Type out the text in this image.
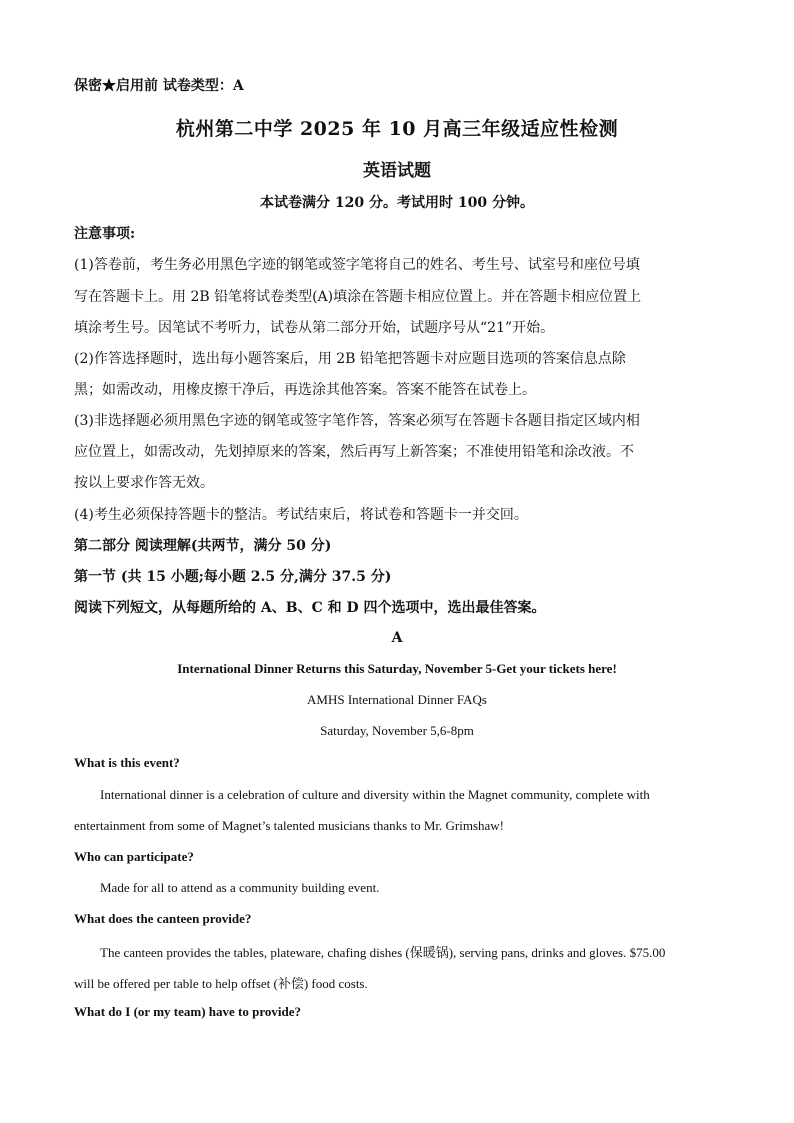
保密★启用前 试卷类型：A
杭州第二中学 2025 年 10 月高三年级适应性检测
英语试题
本试卷满分 120 分。考试用时 100 分钟。
注意事项:
(1)答卷前，考生务必用黑色字迹的钢笔或签字笔将自己的姓名、考生号、试室号和座位号填
写在答题卡上。用 2B 铅笔将试卷类型(A)填涂在答题卡相应位置上。并在答题卡相应位置上
填涂考生号。因笔试不考听力，试卷从第二部分开始，试题序号从“21”开始。
(2)作答选择题时，选出每小题答案后，用 2B 铅笔把答题卡对应题目选项的答案信息点除
黑；如需改动，用橡皮擦干净后，再选涂其他答案。答案不能答在试卷上。
(3)非选择题必须用黑色字迹的钢笔或签字笔作答，答案必须写在答题卡各题目指定区域内相
应位置上，如需改动，先划掉原来的答案，然后再写上新答案；不准使用铅笔和涂改液。不
按以上要求作答无效。
(4)考生必须保持答题卡的整洁。考试结束后，将试卷和答题卡一并交回。
第二部分 阅读理解(共两节，满分 50 分)
第一节 (共 15 小题;每小题 2.5 分,满分 37.5 分)
阅读下列短文，从每题所给的 A、B、C 和 D 四个选项中，选出最佳答案。
A
International Dinner Returns this Saturday, November 5-Get your tickets here!
AMHS International Dinner FAQs
Saturday, November 5,6-8pm
What is this event?
International dinner is a celebration of culture and diversity within the Magnet community, complete with
entertainment from some of Magnet’s talented musicians thanks to Mr. Grimshaw!
Who can participate?
Made for all to attend as a community building event.
What does the canteen provide?
The canteen provides the tables, plateware, chafing dishes (保暖锅), serving pans, drinks and gloves. $75.00
will be offered per table to help offset (补偿) food costs.
What do I (or my team) have to provide?
